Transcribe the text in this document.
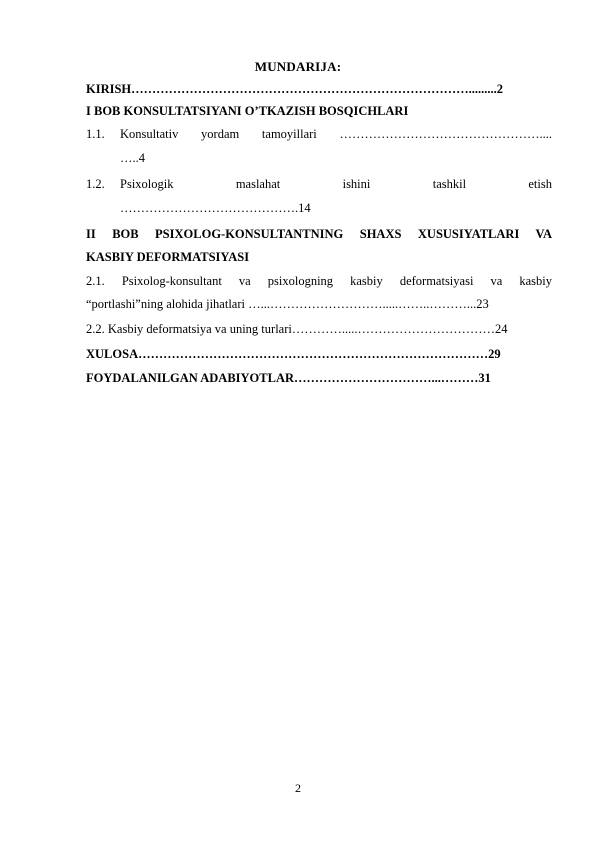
MUNDARIJA:
KIRISH……………………………………………………………………….........2
I BOB KONSULTATSIYANI O’TKAZISH BOSQICHLARI
1.1. Konsultativ yordam tamoyillari …………………………………………....
…..4
1.2. Psixologik maslahat ishini tashkil etish
…………………………………….14
II BOB PSIXOLOG-KONSULTANTNING SHAXS XUSUSIYATLARI VA
KASBIY DEFORMATSIYASI
2.1. Psixolog-konsultant va psixologning kasbiy deformatsiyasi va kasbiy
“portlashi”ning alohida jihatlari …...……………………….....……..………...23
2.2. Kasbiy deformatsiya va uning turlari………….....……………………………24
XULOSA…………………………………………………………………………29
FOYDALANILGAN ADABIYOTLAR……………………………...………31
2
